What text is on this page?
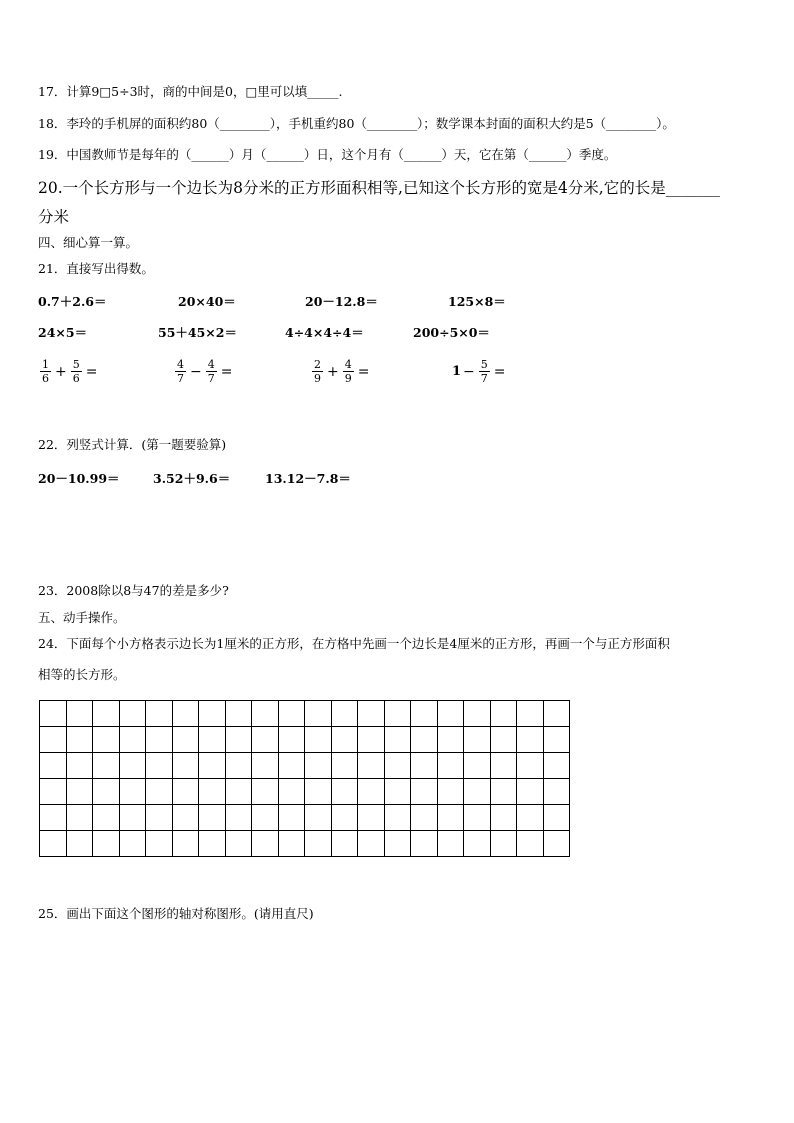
17．计算9□5÷3时，商的中间是0，□里可以填_____.
18．李玲的手机屏的面积约80（________），手机重约80（________）；数学课本封面的面积大约是5（________）。
19．中国教师节是每年的（______）月（______）日，这个月有（______）天，它在第（______）季度。
20.一个长方形与一个边长为8分米的正方形面积相等,已知这个长方形的宽是4分米,它的长是_______
分米
四、细心算一算。
21．直接写出得数。
0.7＋2.6＝	20×40＝	20－12.8＝	125×8＝
24×5＝	55＋45×2＝	4÷4×4÷4＝	200÷5×0＝
$\frac{1}{6} + \frac{5}{6}$ =	$\frac{4}{7} - \frac{4}{7}$ =	$\frac{2}{9} + \frac{4}{9}$ =	$1 - \frac{5}{7}$ =
22．列竖式计算．(第一题要验算)
20－10.99＝	3.52＋9.6＝	13.12－7.8＝
23．2008除以8与47的差是多少?
五、动手操作。
24．下面每个小方格表示边长为1厘米的正方形，在方格中先画一个边长是4厘米的正方形，再画一个与正方形面积
相等的长方形。
25．画出下面这个图形的轴对称图形。(请用直尺)
